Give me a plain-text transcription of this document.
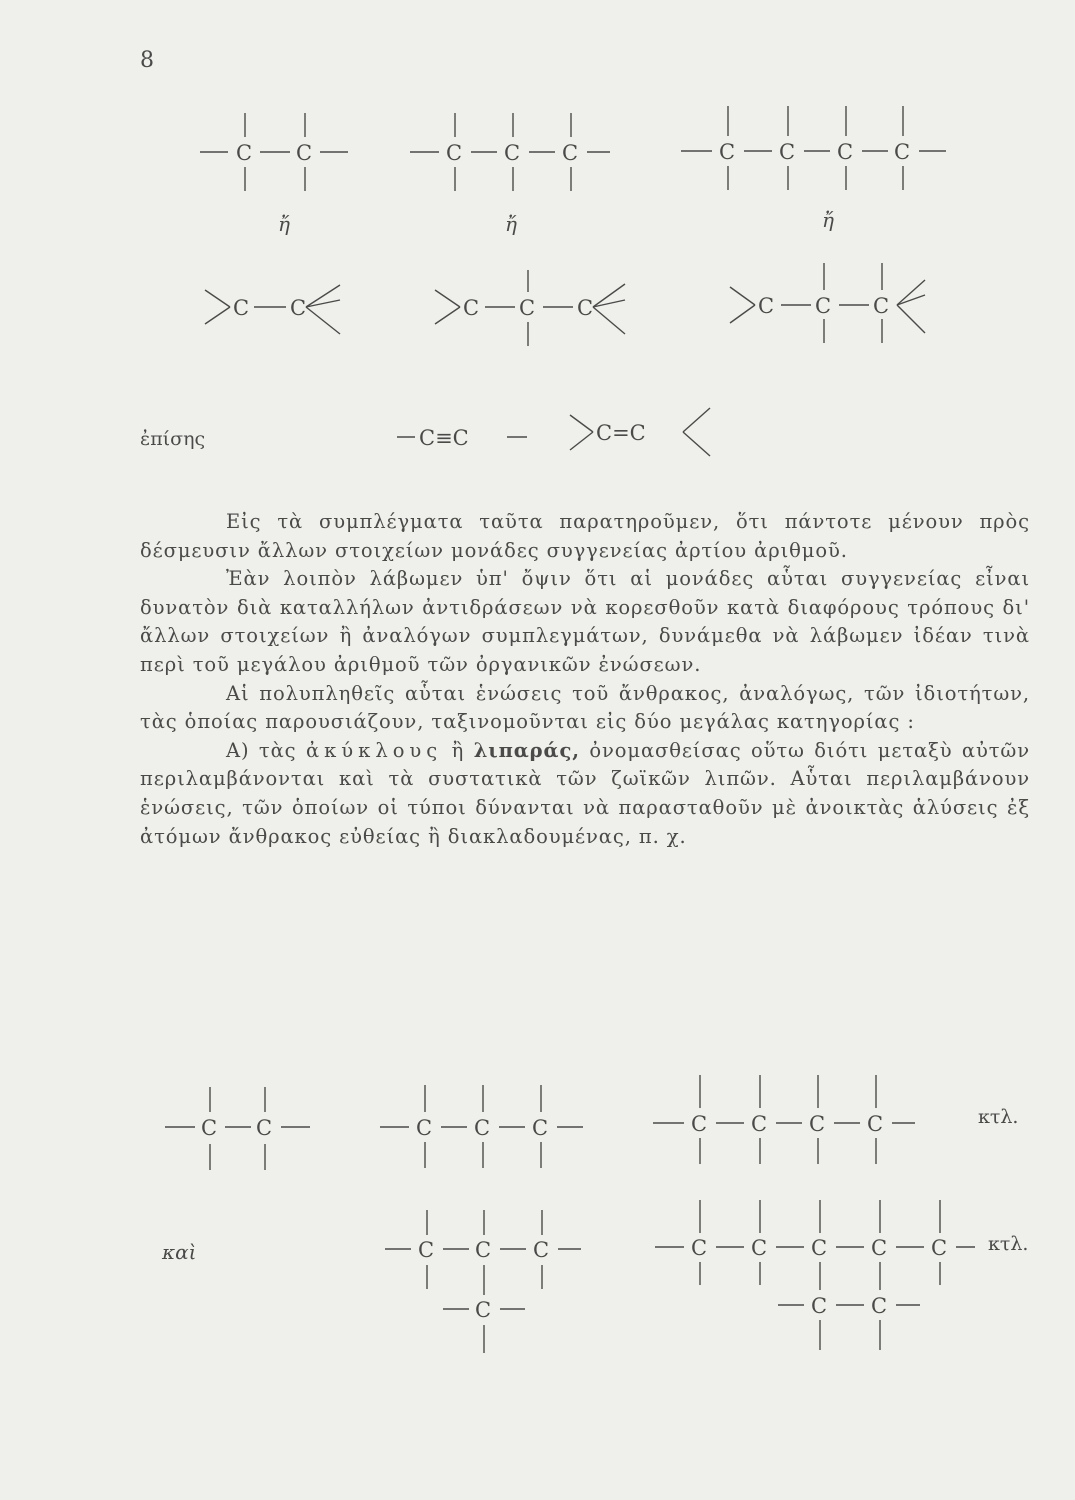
8
C C	C C C	C C C C
ἤ	ἤ	ἤ
C C	C C C	C C C
ἐπίσης	C≡C	C=C

Εἰς τὰ συμπλέγματα ταῦτα παρατηροῦμεν, ὅτι πάντοτε μένουν πρὸς δέσμευσιν ἄλλων στοιχείων μονάδες συγγενείας ἀρτίου ἀριθμοῦ.

Ἐὰν λοιπὸν λάβωμεν ὑπ' ὄψιν ὅτι αἱ μονάδες αὗται συγγενείας εἶναι δυνατὸν διὰ καταλλήλων ἀντιδράσεων νὰ κορεσθοῦν κατὰ διαφόρους τρόπους δι' ἄλλων στοιχείων ἢ ἀναλόγων συμπλεγμάτων, δυνάμεθα νὰ λάβωμεν ἰδέαν τινὰ περὶ τοῦ μεγάλου ἀριθμοῦ τῶν ὀργανικῶν ἐνώσεων.

Αἱ πολυπληθεῖς αὗται ἑνώσεις τοῦ ἄνθρακος, ἀναλόγως, τῶν ἰδιοτήτων, τὰς ὁποίας παρουσιάζουν, ταξινομοῦνται εἰς δύο μεγάλας κατηγορίας :

Α) τὰς ἀκύκλους ἢ λιπαράς, ὀνομασθείσας οὕτω διότι μεταξὺ αὐτῶν περιλαμβάνονται καὶ τὰ συστατικὰ τῶν ζωϊκῶν λιπῶν. Αὗται περιλαμβάνουν ἑνώσεις, τῶν ὁποίων οἱ τύποι δύνανται νὰ παρασταθοῦν μὲ ἀνοικτὰς ἁλύσεις ἐξ ἀτόμων ἄνθρακος εὐθείας ἢ διακλαδουμένας, π. χ.

C C	C C C	C C C C	κτλ.
καὶ	C C C
C
C C C C C
C C
κτλ.
